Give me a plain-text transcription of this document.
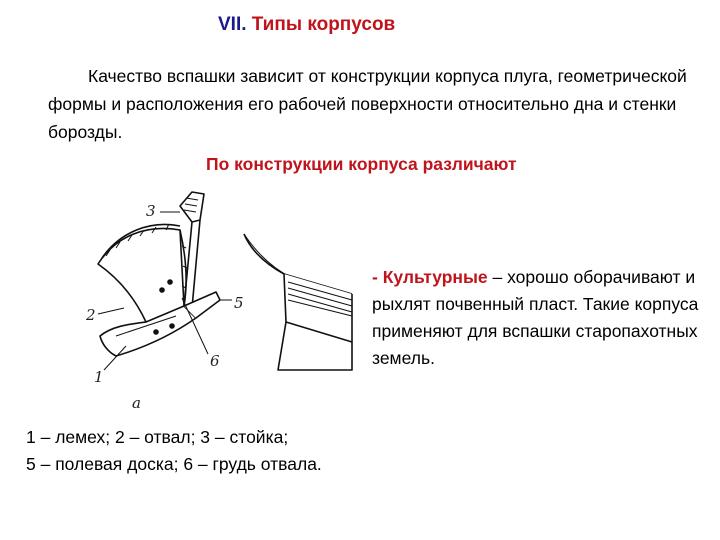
VII. Типы корпусов

Качество вспашки зависит от конструкции корпуса плуга, геометрической формы и расположения его рабочей поверхности относительно дна и стенки борозды.

По конструкции корпуса различают
3
2
1
5
6
а
- Культурные – хорошо оборачивают и рыхлят почвенный пласт. Такие корпуса применяют для вспашки старопахотных земель.
1 – лемех; 2 – отвал; 3 – стойка;
5 – полевая доска; 6 – грудь отвала.
